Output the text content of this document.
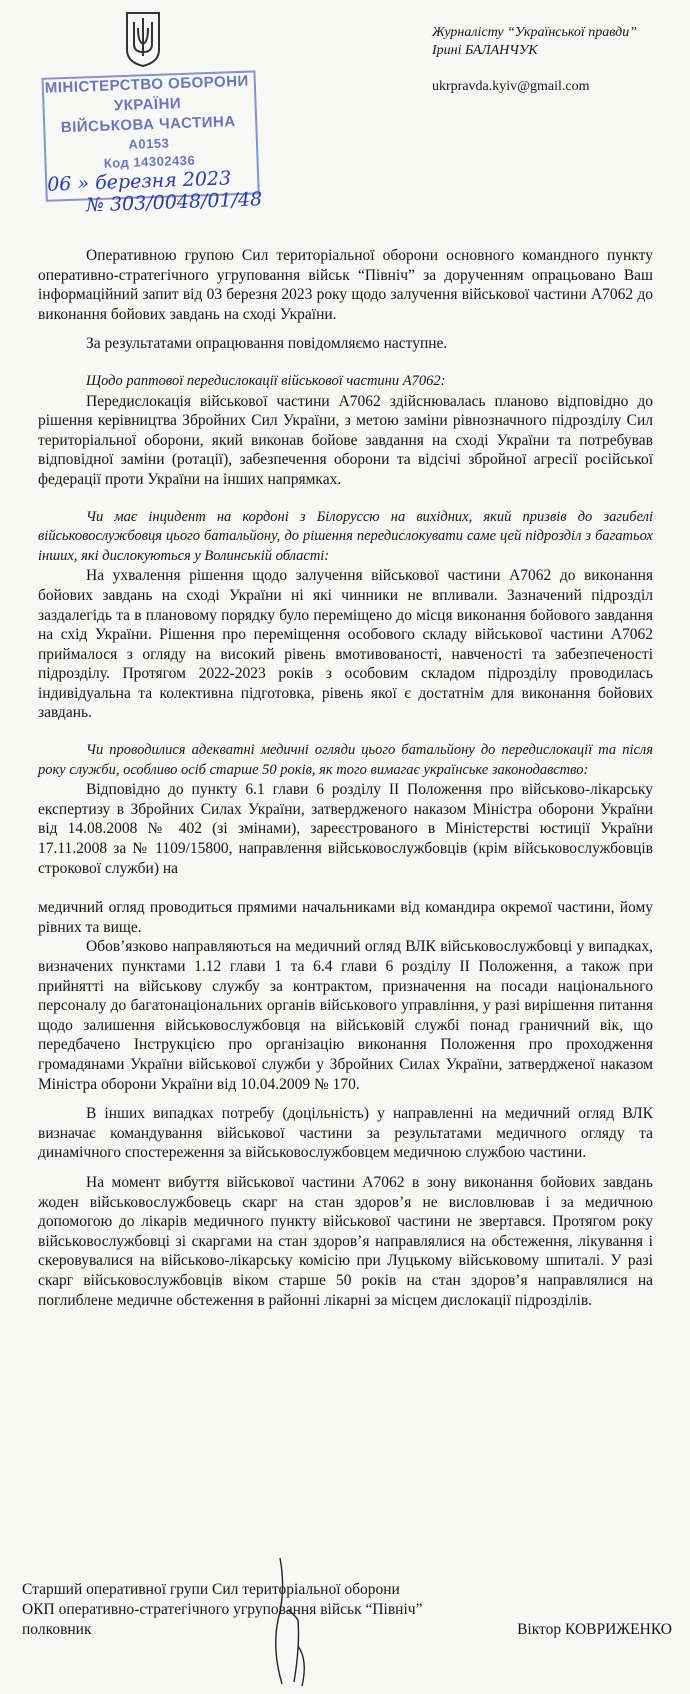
МІНІСТЕРСТВО ОБОРОНИ
УКРАЇНИ
ВІЙСЬКОВА ЧАСТИНА
А0153
Код 14302436
06 » березня 2023
№ 303/0048/01/48
Журналісту “Української правди”
Ірині БАЛАНЧУК
ukrpravda.kyiv@gmail.com

Оперативною групою Сил територіальної оборони основного командного пункту оперативно-стратегічного угруповання військ “Північ” за дорученням опрацьовано Ваш інформаційний запит від 03 березня 2023 року щодо залучення військової частини А7062 до виконання бойових завдань на сході України.

За результатами опрацювання повідомляємо наступне.

Щодо раптової передислокації військової частини А7062:

Передислокація військової частини А7062 здійснювалась планово відповідно до рішення керівництва Збройних Сил України, з метою заміни рівнозначного підрозділу Сил територіальної оборони, який виконав бойове завдання на сході України та потребував відповідної заміни (ротації), забезпечення оборони та відсічі збройної агресії російської федерації проти України на інших напрямках.

Чи має інцидент на кордоні з Білоруссю на вихідних, який призвів до загибелі військовослужбовця цього батальйону, до рішення передислокувати саме цей підрозділ з багатьох інших, які дислокуються у Волинській області:

На ухвалення рішення щодо залучення військової частини А7062 до виконання бойових завдань на сході України ні які чинники не впливали. Зазначений підрозділ заздалегідь та в плановому порядку було переміщено до місця виконання бойового завдання на схід України. Рішення про переміщення особового складу військової частини А7062 приймалося з огляду на високий рівень вмотивованості, навченості та забезпеченості підрозділу. Протягом 2022-2023 років з особовим складом підрозділу проводилась індивідуальна та колективна підготовка, рівень якої є достатнім для виконання бойових завдань.

Чи проводилися адекватні медичні огляди цього батальйону до передислокації та після року служби, особливо осіб старше 50 років, як того вимагає українське законодавство:

Відповідно до пункту 6.1 глави 6 розділу ІІ Положення про військово-лікарську експертизу в Збройних Силах України, затвердженого наказом Міністра оборони України від 14.08.2008 № 402 (зі змінами), зареєстрованого в Міністерстві юстиції України 17.11.2008 за № 1109/15800, направлення військовослужбовців (крім військовослужбовців строкової служби) на

медичний огляд проводиться прямими начальниками від командира окремої частини, йому рівних та вище.

Обов’язково направляються на медичний огляд ВЛК військовослужбовці у випадках, визначених пунктами 1.12 глави 1 та 6.4 глави 6 розділу ІІ Положення, а також при прийнятті на військову службу за контрактом, призначення на посади національного персоналу до багатонаціональних органів військового управління, у разі вирішення питання щодо залишення військовослужбовця на військовій службі понад граничний вік, що передбачено Інструкцією про організацію виконання Положення про проходження громадянами України військової служби у Збройних Силах України, затвердженої наказом Міністра оборони України від 10.04.2009 № 170.

В інших випадках потребу (доцільність) у направленні на медичний огляд ВЛК визначає командування військової частини за результатами медичного огляду та динамічного спостереження за військовослужбовцем медичною службою частини.

На момент вибуття військової частини А7062 в зону виконання бойових завдань жоден військовослужбовець скарг на стан здоров’я не висловлював і за медичною допомогою до лікарів медичного пункту військової частини не звертався. Протягом року військовослужбовці зі скаргами на стан здоров’я направлялися на обстеження, лікування і скеровувалися на військово-лікарську комісію при Луцькому військовому шпиталі. У разі скарг військовослужбовців віком старше 50 років на стан здоров’я направлялися на поглиблене медичне обстеження в районні лікарні за місцем дислокації підрозділів.

Старший оперативної групи Сил територіальної оборони
ОКП оперативно-стратегічного угруповання військ “Північ”
полковник	Віктор КОВРИЖЕНКО
